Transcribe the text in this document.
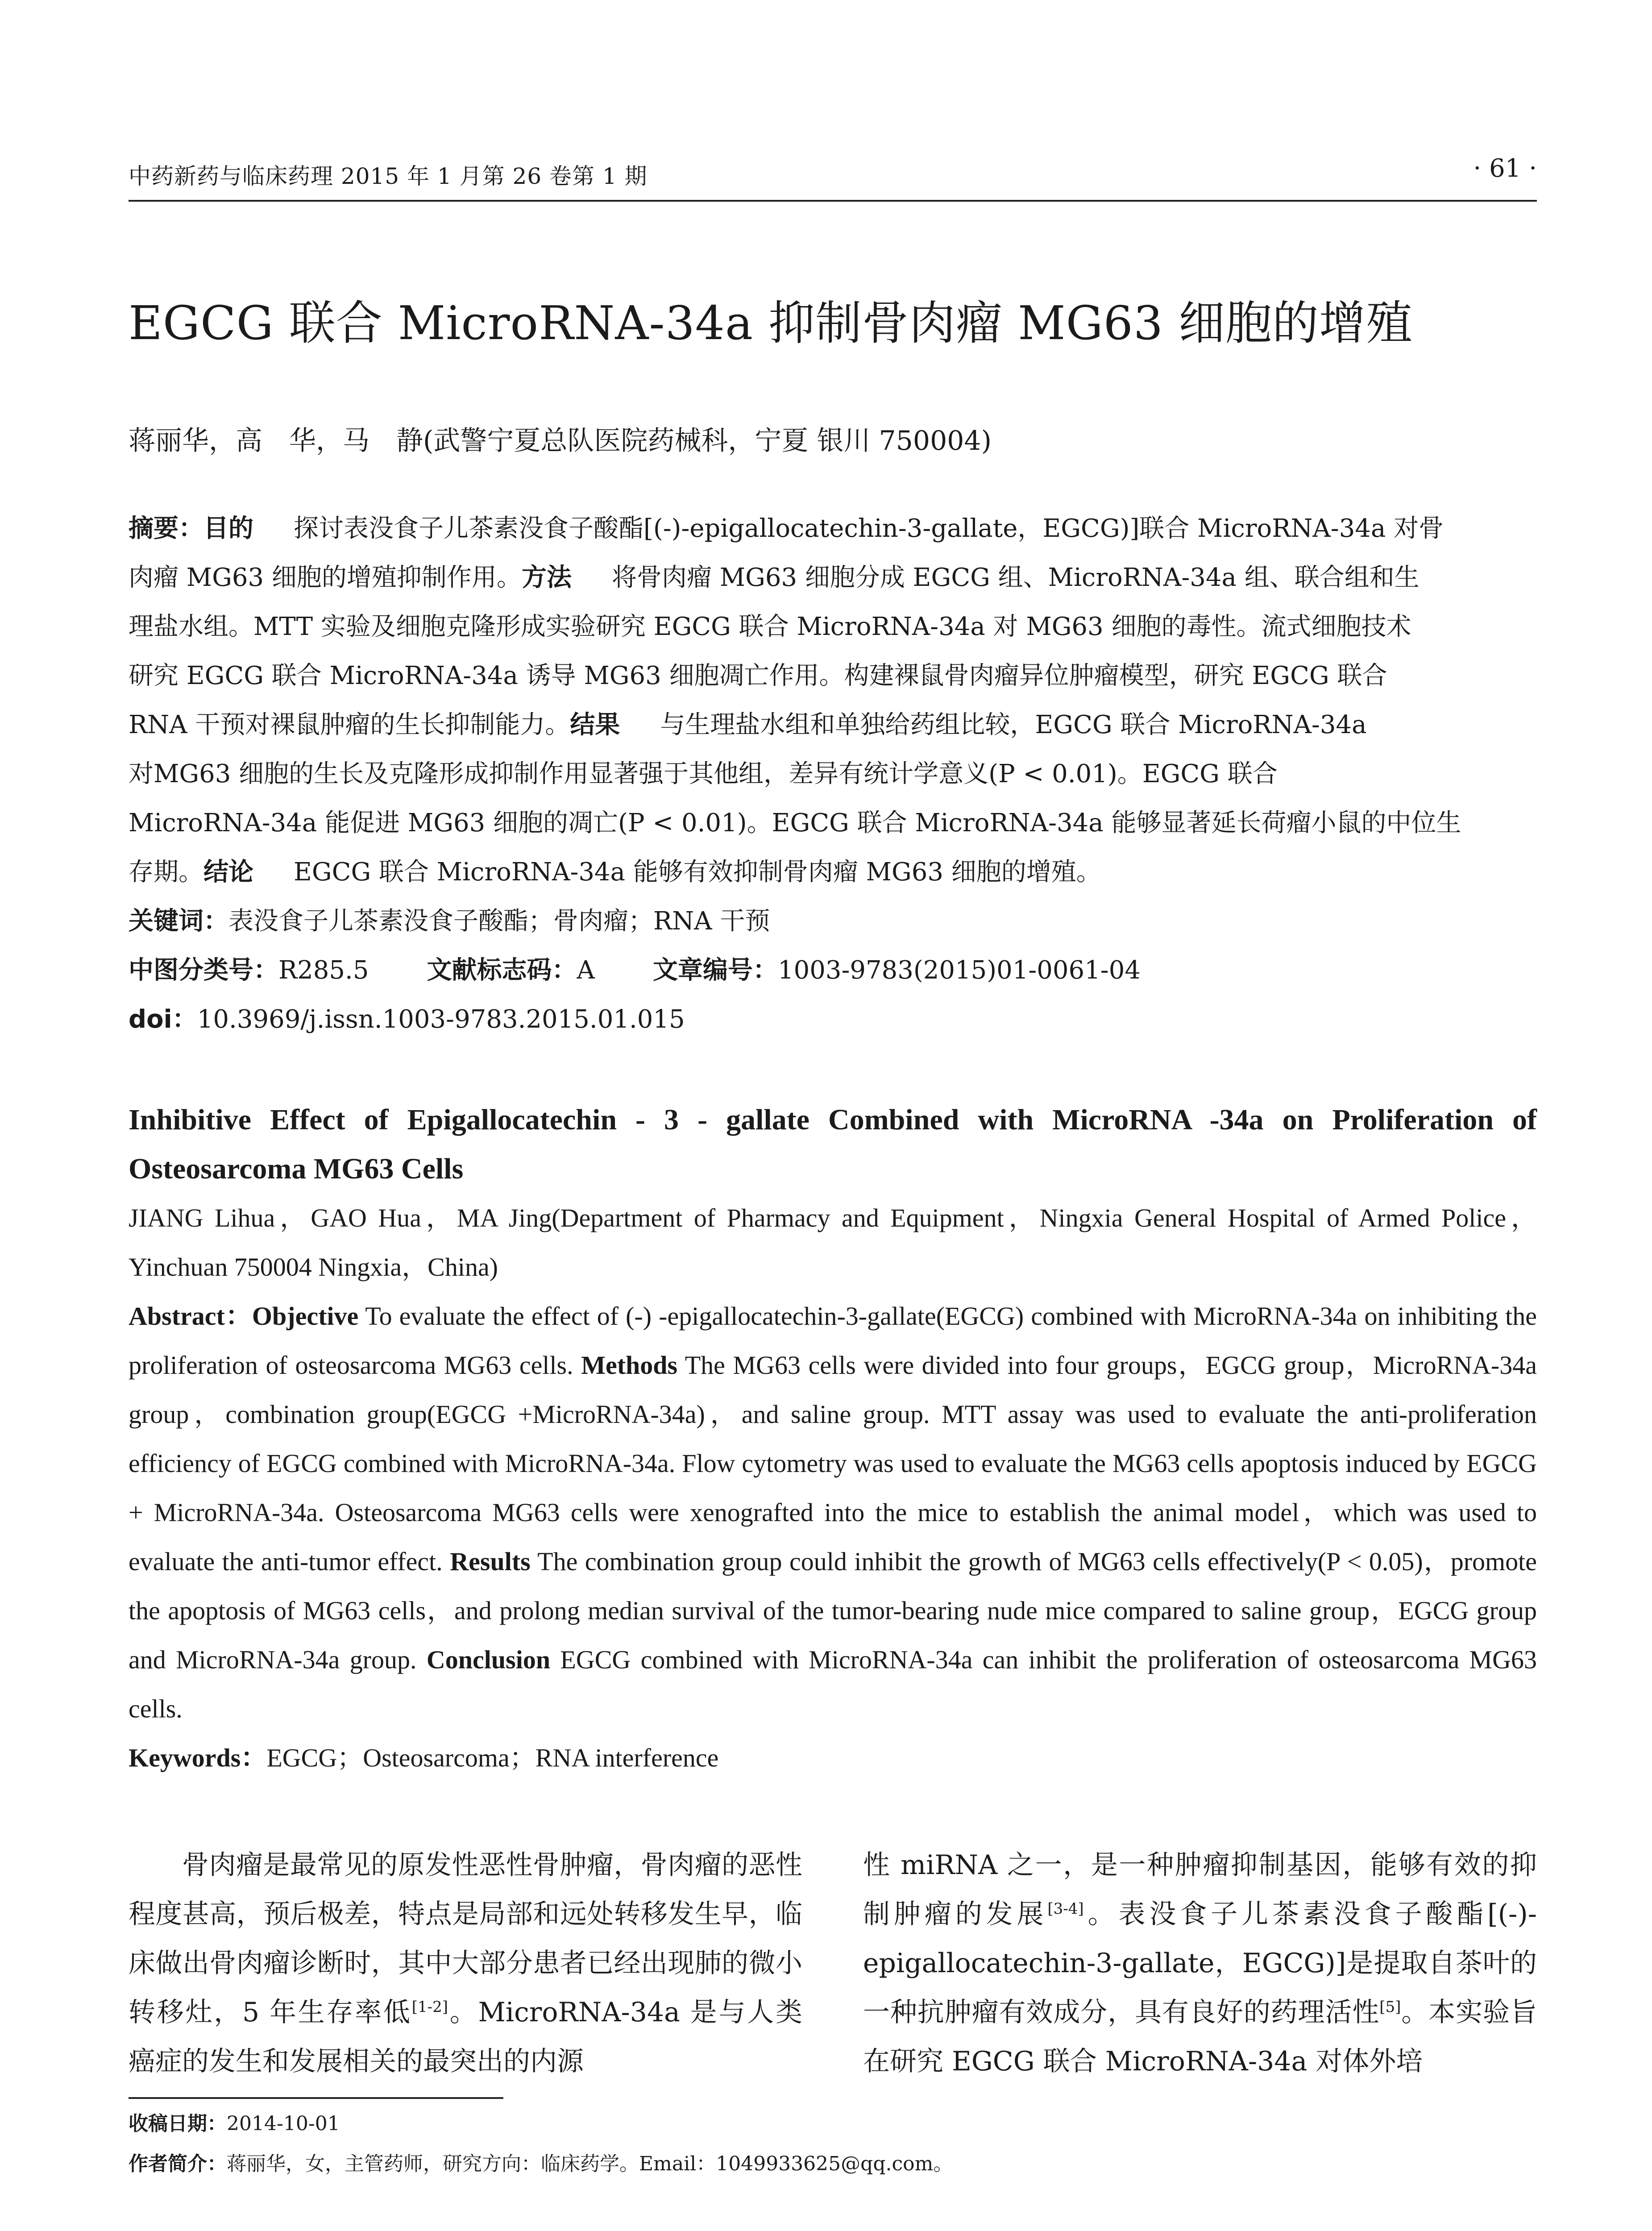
中药新药与临床药理 2015 年 1 月第 26 卷第 1 期	· 61 ·
EGCG 联合 MicroRNA-34a 抑制骨肉瘤 MG63 细胞的增殖
蒋丽华，高　华，马　静(武警宁夏总队医院药械科，宁夏 银川 750004)
摘要：目的 探讨表没食子儿茶素没食子酸酯[(-)-epigallocatechin-3-gallate，EGCG)]联合 MicroRNA-34a 对骨
肉瘤 MG63 细胞的增殖抑制作用。方法 将骨肉瘤 MG63 细胞分成 EGCG 组、MicroRNA-34a 组、联合组和生
理盐水组。MTT 实验及细胞克隆形成实验研究 EGCG 联合 MicroRNA-34a 对 MG63 细胞的毒性。流式细胞技术
研究 EGCG 联合 MicroRNA-34a 诱导 MG63 细胞凋亡作用。构建裸鼠骨肉瘤异位肿瘤模型，研究 EGCG 联合
RNA 干预对裸鼠肿瘤的生长抑制能力。结果 与生理盐水组和单独给药组比较，EGCG 联合 MicroRNA-34a
对MG63 细胞的生长及克隆形成抑制作用显著强于其他组，差异有统计学意义(P < 0.01)。EGCG 联合
MicroRNA-34a 能促进 MG63 细胞的凋亡(P < 0.01)。EGCG 联合 MicroRNA-34a 能够显著延长荷瘤小鼠的中位生
存期。结论 EGCG 联合 MicroRNA-34a 能够有效抑制骨肉瘤 MG63 细胞的增殖。
关键词：表没食子儿茶素没食子酸酯；骨肉瘤；RNA 干预
中图分类号：R285.5 文献标志码：A 文章编号：1003-9783(2015)01-0061-04
doi：10.3969/j.issn.1003-9783.2015.01.015
Inhibitive Effect of Epigallocatechin - 3 - gallate Combined with MicroRNA -34a on Proliferation of Osteosarcoma MG63 Cells
JIANG Lihua，GAO Hua，MA Jing(Department of Pharmacy and Equipment，Ningxia General Hospital of Armed Police，Yinchuan 750004 Ningxia，China)
Abstract：Objective To evaluate the effect of (-) -epigallocatechin-3-gallate(EGCG) combined with MicroRNA-34a on inhibiting the proliferation of osteosarcoma MG63 cells. Methods The MG63 cells were divided into four groups，EGCG group，MicroRNA-34a group，combination group(EGCG +MicroRNA-34a)，and saline group. MTT assay was used to evaluate the anti-proliferation efficiency of EGCG combined with MicroRNA-34a. Flow cytometry was used to evaluate the MG63 cells apoptosis induced by EGCG + MicroRNA-34a. Osteosarcoma MG63 cells were xenografted into the mice to establish the animal model，which was used to evaluate the anti-tumor effect. Results The combination group could inhibit the growth of MG63 cells effectively(P < 0.05)，promote the apoptosis of MG63 cells，and prolong median survival of the tumor-bearing nude mice compared to saline group，EGCG group and MicroRNA-34a group. Conclusion EGCG combined with MicroRNA-34a can inhibit the proliferation of osteosarcoma MG63 cells.
Keywords：EGCG；Osteosarcoma；RNA interference
骨肉瘤是最常见的原发性恶性骨肿瘤，骨肉瘤的恶性程度甚高，预后极差，特点是局部和远处转移发生早，临床做出骨肉瘤诊断时，其中大部分患者已经出现肺的微小转移灶，5 年生存率低[1-2]。MicroRNA-34a 是与人类癌症的发生和发展相关的最突出的内源
性 miRNA 之一，是一种肿瘤抑制基因，能够有效的抑制肿瘤的发展[3-4]。表没食子儿茶素没食子酸酯[(-)-epigallocatechin-3-gallate，EGCG)]是提取自茶叶的一种抗肿瘤有效成分，具有良好的药理活性[5]。本实验旨在研究 EGCG 联合 MicroRNA-34a 对体外培
收稿日期：2014-10-01
作者简介：蒋丽华，女，主管药师，研究方向：临床药学。Email：1049933625@qq.com。
